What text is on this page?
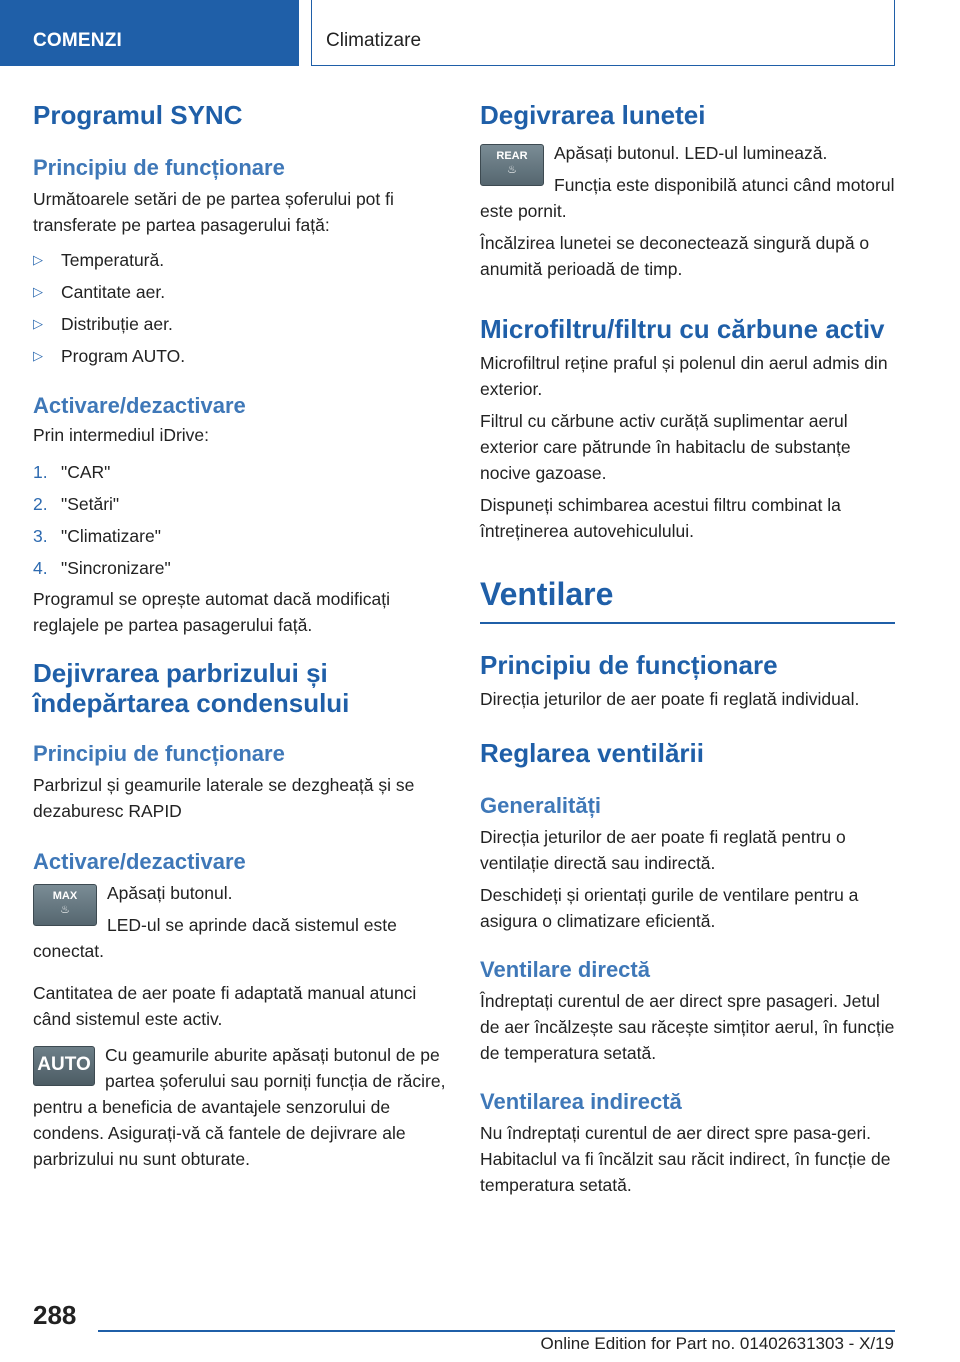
COMENZI	Climatizare
Programul SYNC
Principiu de funcționare

Următoarele setări de pe partea șoferului pot fi transferate pe partea pasagerului față:

▷ Temperatură.
▷ Cantitate aer.
▷ Distribuție aer.
▷ Program AUTO.
Activare/dezactivare

Prin intermediul iDrive:

1. "CAR"
2. "Setări"
3. "Climatizare"
4. "Sincronizare"

Programul se oprește automat dacă modificați reglajele pe partea pasagerului față.

Dejivrarea parbrizului și
îndepărtarea condensului
Principiu de funcționare

Parbrizul și geamurile laterale se dezgheață și se dezaburesc RAPID

Activare/dezactivare
MAX
♨

Apăsați butonul.

LED-ul se aprinde dacă sistemul este conectat.

Cantitatea de aer poate fi adaptată manual atunci când sistemul este activ.

AUTO Cu geamurile aburite apăsați butonul de pe partea șoferului sau porniți funcția de răcire, pentru a beneficia de avantajele senzorului de condens. Asigurați-vă că fantele de dejivrare ale parbrizului nu sunt obturate.

Degivrarea lunetei
REAR
♨

Apăsați butonul. LED-ul luminează.

Funcția este disponibilă atunci când motorul este pornit.

Încălzirea lunetei se deconectează singură după o anumită perioadă de timp.

Microfiltru/filtru cu cărbune activ

Microfiltrul reține praful și polenul din aerul admis din exterior.

Filtrul cu cărbune activ curăță suplimentar aerul exterior care pătrunde în habitaclu de substanțe nocive gazoase.

Dispuneți schimbarea acestui filtru combinat la întreținerea autovehiculului.

Ventilare
Principiu de funcționare

Direcția jeturilor de aer poate fi reglată individual.

Reglarea ventilării
Generalități

Direcția jeturilor de aer poate fi reglată pentru o ventilație directă sau indirectă.

Deschideți și orientați gurile de ventilare pentru a asigura o climatizare eficientă.

Ventilare directă

Îndreptați curentul de aer direct spre pasageri. Jetul de aer încălzește sau răcește simțitor aerul, în funcție de temperatura setată.

Ventilarea indirectă

Nu îndreptați curentul de aer direct spre pasa-geri. Habitaclul va fi încălzit sau răcit indirect, în funcție de temperatura setată.

288
Online Edition for Part no. 01402631303 - X/19
